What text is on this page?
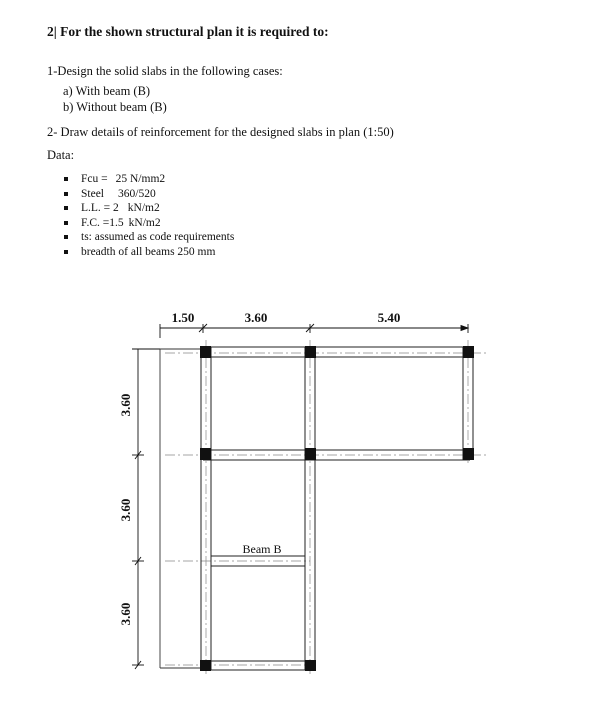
2| For the shown structural plan it is required to:
1-Design the solid slabs in the following cases:
a) With beam (B)
b) Without beam (B)
2- Draw details of reinforcement for the designed slabs in plan (1:50)
Data:
Fcu = 25 N/mm2
Steel 360/520
L.L. = 2 kN/m2
F.C. =1.5 kN/m2
ts: assumed as code requirements
breadth of all beams 250 mm
1.50	3.60	5.40
3.60
3.60
3.60
Beam B
